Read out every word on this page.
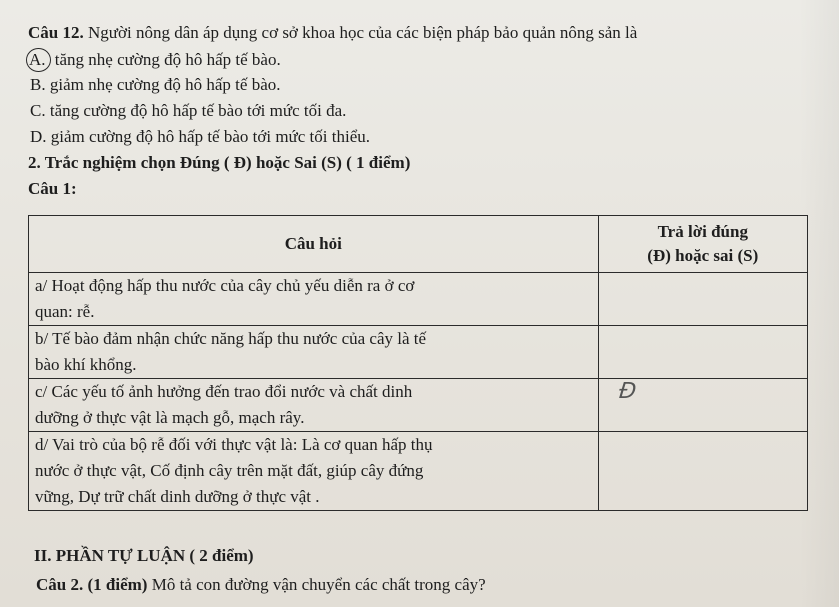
Câu 12. Người nông dân áp dụng cơ sở khoa học của các biện pháp bảo quản nông sản là
A. tăng nhẹ cường độ hô hấp tế bào.
B. giảm nhẹ cường độ hô hấp tế bào.
C. tăng cường độ hô hấp tế bào tới mức tối đa.
D. giảm cường độ hô hấp tế bào tới mức tối thiểu.
2. Trắc nghiệm chọn Đúng ( Đ) hoặc Sai (S) ( 1 điểm)
Câu 1:
Câu hỏi	Trả lời đúng
(Đ) hoặc sai (S)

a/ Hoạt động hấp thu nước của cây chủ yếu diễn ra ở cơ
quan: rễ.	

b/ Tế bào đảm nhận chức năng hấp thu nước của cây là tế
bào khí khổng.	

c/ Các yếu tố ảnh hưởng đến trao đổi nước và chất dinh
dưỡng ở thực vật là mạch gỗ, mạch rây.	Đ

d/ Vai trò của bộ rễ đối với thực vật là: Là cơ quan hấp thụ
nước ở thực vật, Cố định cây trên mặt đất, giúp cây đứng
vững, Dự trữ chất dinh dưỡng ở thực vật .	

II. PHẦN TỰ LUẬN ( 2 điểm)
Câu 2. (1 điểm) Mô tả con đường vận chuyển các chất trong cây?
